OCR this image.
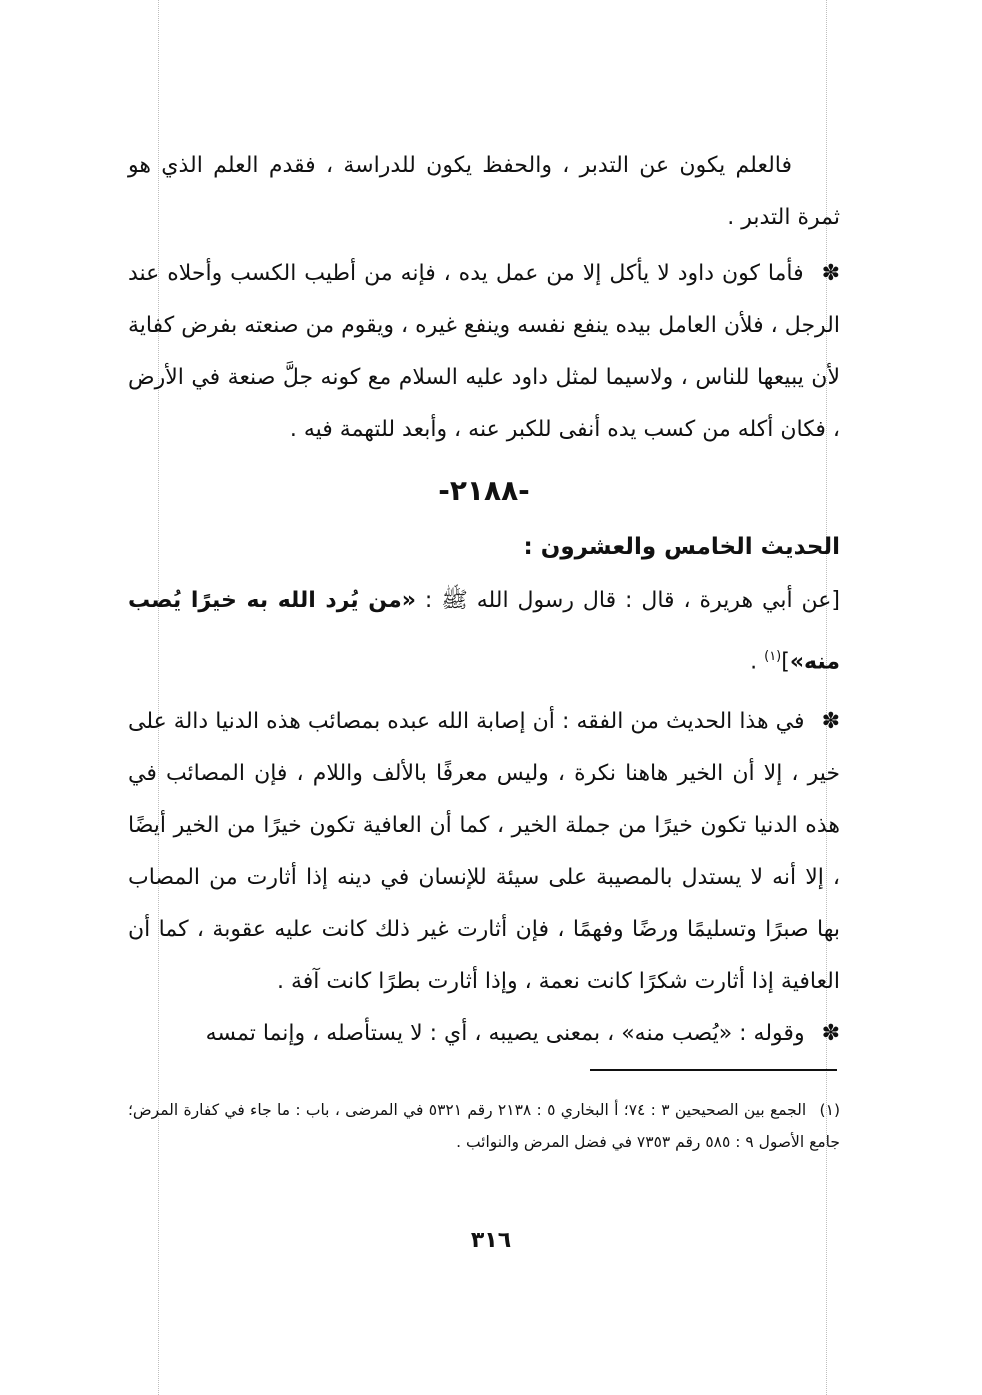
فالعلم يكون عن التدبر ، والحفظ يكون للدراسة ، فقدم العلم الذي هو ثمرة التدبر .

✽ فأما كون داود لا يأكل إلا من عمل يده ، فإنه من أطيب الكسب وأحلاه عند الرجل ، فلأن العامل بيده ينفع نفسه وينفع غيره ، ويقوم من صنعته بفرض كفاية لأن يبيعها للناس ، ولاسيما لمثل داود عليه السلام مع كونه جلَّ صنعة في الأرض ، فكان أكله من كسب يده أنفى للكبر عنه ، وأبعد للتهمة فيه .

-٢١٨٨-

الحديث الخامس والعشرون :

[عن أبي هريرة ، قال : قال رسول الله ﷺ : «من يُرد الله به خيرًا يُصب منه»]$^{(١)}$ .

✽ في هذا الحديث من الفقه : أن إصابة الله عبده بمصائب هذه الدنيا دالة على خير ، إلا أن الخير هاهنا نكرة ، وليس معرفًا بالألف واللام ، فإن المصائب في هذه الدنيا تكون خيرًا من جملة الخير ، كما أن العافية تكون خيرًا من الخير أيضًا ، إلا أنه لا يستدل بالمصيبة على سيئة للإنسان في دينه إذا أثارت من المصاب بها صبرًا وتسليمًا ورضًا وفهمًا ، فإن أثارت غير ذلك كانت عليه عقوبة ، كما أن العافية إذا أثارت شكرًا كانت نعمة ، وإذا أثارت بطرًا كانت آفة .

✽ وقوله : «يُصب منه» ، بمعنى يصيبه ، أي : لا يستأصله ، وإنما تمسه

(١) الجمع بين الصحيحين ٣ : ٧٤؛ أ البخاري ٥ : ٢١٣٨ رقم ٥٣٢١ في المرضى ، باب : ما جاء في كفارة المرض؛ جامع الأصول ٩ : ٥٨٥ رقم ٧٣٥٣ في فضل المرض والنوائب .
٣١٦
